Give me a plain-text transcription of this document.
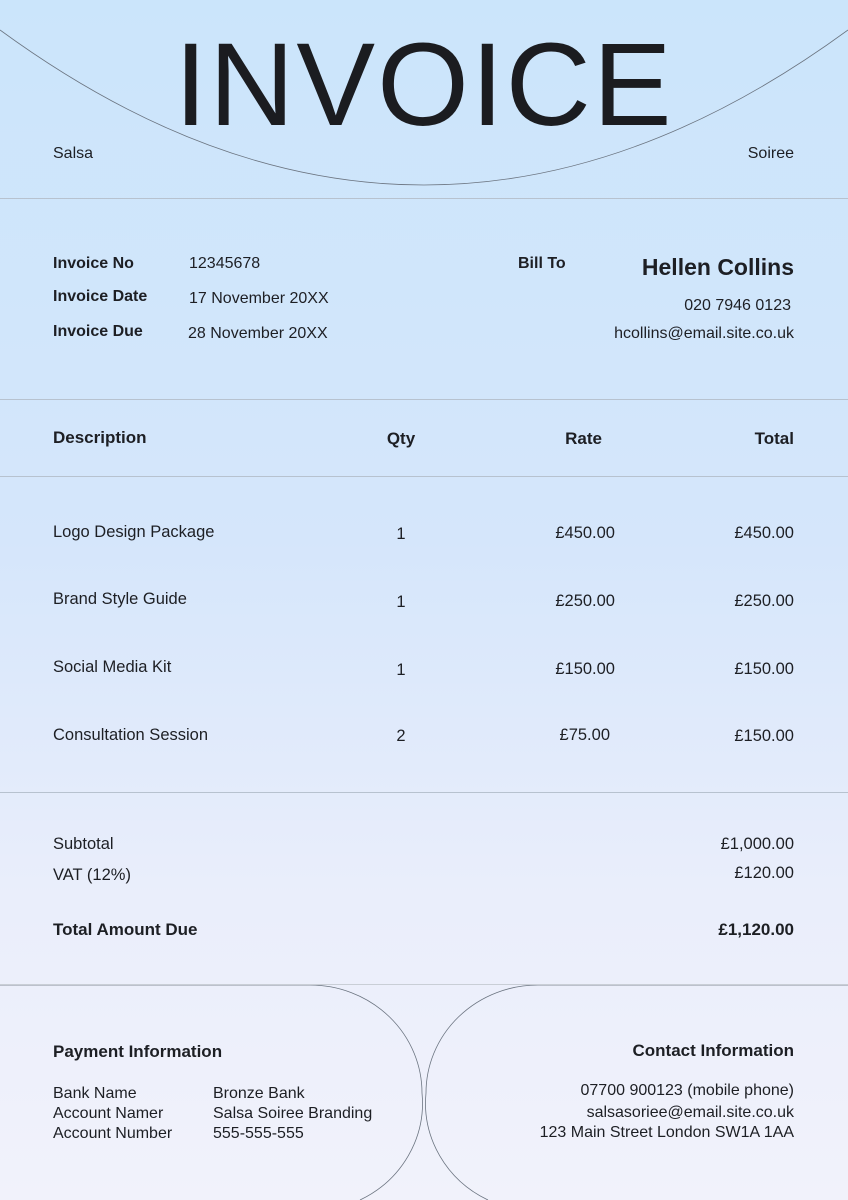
INVOICE
Salsa	Soiree
Invoice No	12345678
Invoice Date	17 November 20XX
Invoice Due	28 November 20XX
Bill To	Hellen Collins
020 7946 0123
hcollins@email.site.co.uk
Description	Qty	Rate	Total
Logo Design Package	1	£450.00	£450.00
Brand Style Guide	1	£250.00	£250.00
Social Media Kit	1	£150.00	£150.00
Consultation Session	2	£75.00	£150.00
Subtotal	£1,000.00
VAT (12%)	£120.00
Total Amount Due	£1,120.00
Payment Information
Bank Name	Bronze Bank
Account Namer	Salsa Soiree Branding
Account Number	555-555-555
Contact Information
07700 900123 (mobile phone)
salsasoriee@email.site.co.uk
123 Main Street London SW1A 1AA
